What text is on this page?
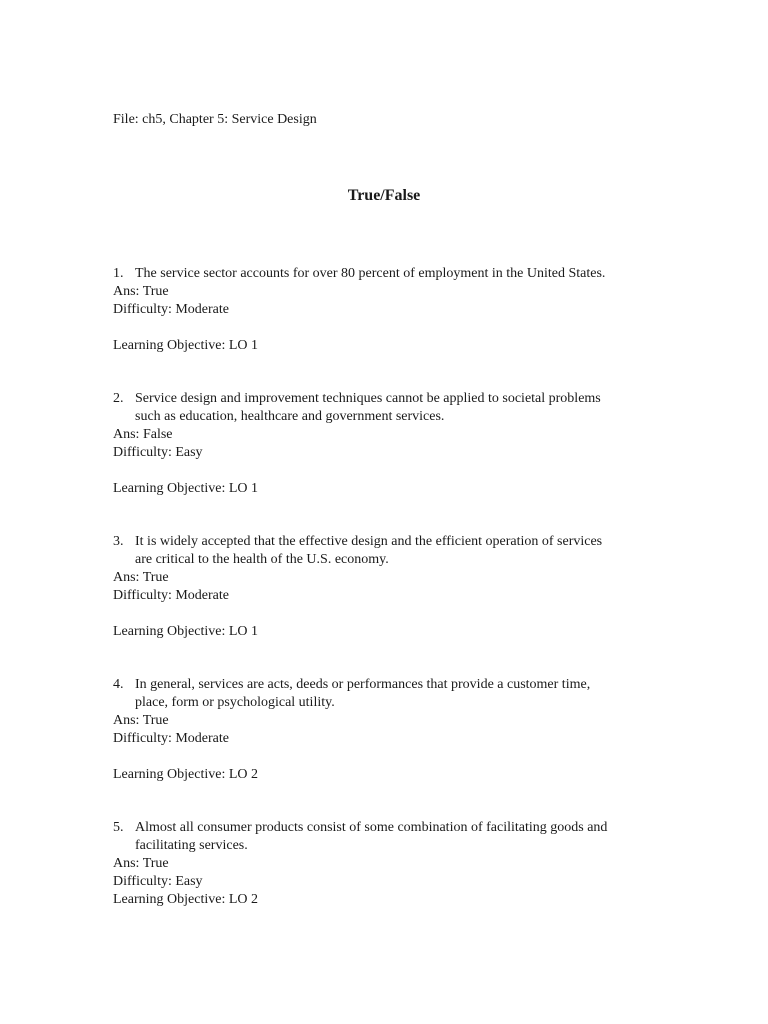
File: ch5, Chapter 5: Service Design

True/False
1. The service sector accounts for over 80 percent of employment in the United States.
Ans: True
Difficulty: Moderate
Learning Objective: LO 1
2. Service design and improvement techniques cannot be applied to societal problems
such as education, healthcare and government services.
Ans: False
Difficulty: Easy
Learning Objective: LO 1
3. It is widely accepted that the effective design and the efficient operation of services
are critical to the health of the U.S. economy.
Ans: True
Difficulty: Moderate
Learning Objective: LO 1
4. In general, services are acts, deeds or performances that provide a customer time,
place, form or psychological utility.
Ans: True
Difficulty: Moderate
Learning Objective: LO 2
5. Almost all consumer products consist of some combination of facilitating goods and
facilitating services.
Ans: True
Difficulty: Easy
Learning Objective: LO 2
